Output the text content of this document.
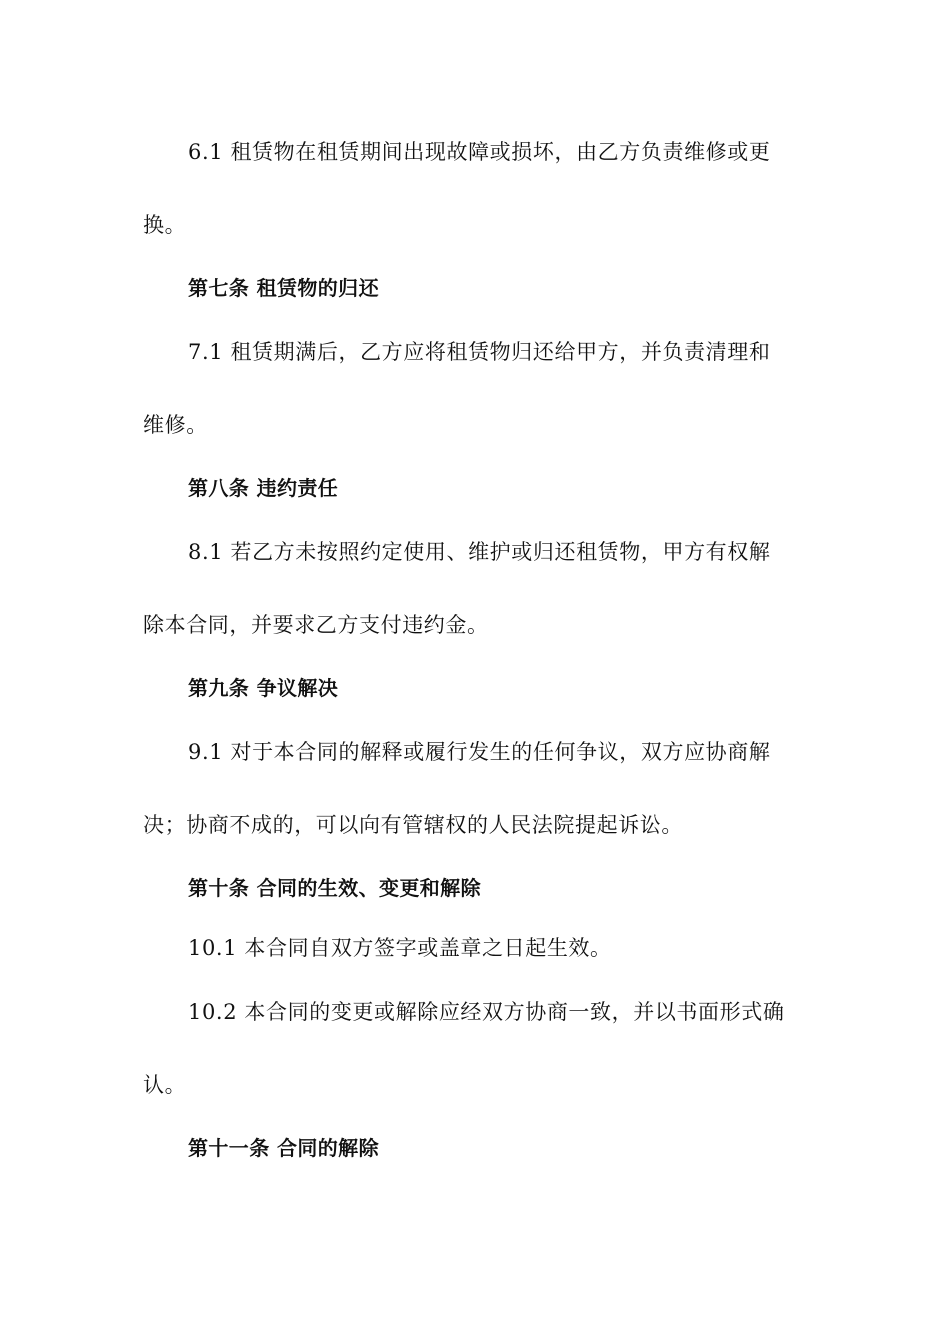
6.1 租赁物在租赁期间出现故障或损坏，由乙方负责维修或更
换。
第七条 租赁物的归还
7.1 租赁期满后，乙方应将租赁物归还给甲方，并负责清理和
维修。
第八条 违约责任
8.1 若乙方未按照约定使用、维护或归还租赁物，甲方有权解
除本合同，并要求乙方支付违约金。
第九条 争议解决
9.1 对于本合同的解释或履行发生的任何争议，双方应协商解
决；协商不成的，可以向有管辖权的人民法院提起诉讼。
第十条 合同的生效、变更和解除
10.1 本合同自双方签字或盖章之日起生效。
10.2 本合同的变更或解除应经双方协商一致，并以书面形式确
认。
第十一条 合同的解除
